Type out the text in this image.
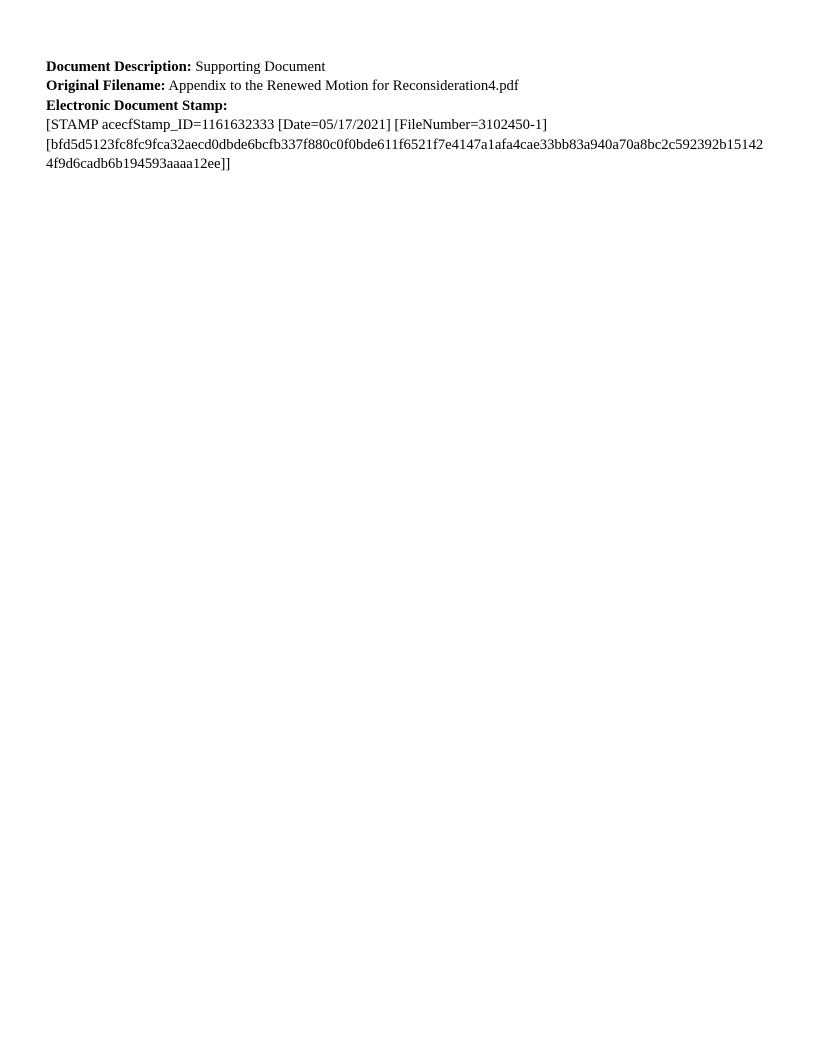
Document Description: Supporting Document
Original Filename: Appendix to the Renewed Motion for Reconsideration4.pdf
Electronic Document Stamp:
[STAMP acecfStamp_ID=1161632333 [Date=05/17/2021] [FileNumber=3102450-1]
[bfd5d5123fc8fc9fca32aecd0dbde6bcfb337f880c0f0bde611f6521f7e4147a1afa4cae33bb83a940a70a8bc2c592392b151424f9d6cadb6b194593aaaa12ee]]
